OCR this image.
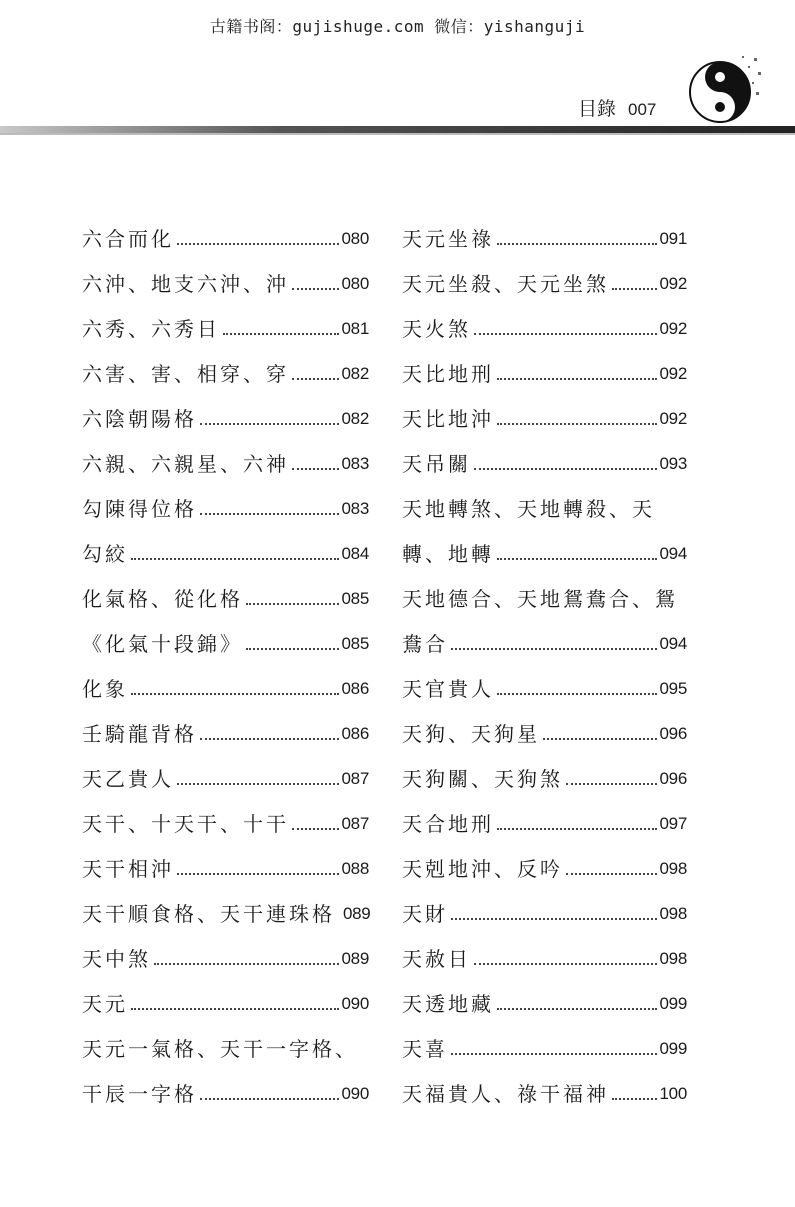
古籍书阁：gujishuge.com 微信：yishanguji
目錄 007
六合而化	080
六沖、地支六沖、沖	080
六秀、六秀日	081
六害、害、相穿、穿	082
六陰朝陽格	082
六親、六親星、六神	083
勾陳得位格	083
勾絞	084
化氣格、從化格	085
《化氣十段錦》	085
化象	086
壬騎龍背格	086
天乙貴人	087
天干、十天干、十干	087
天干相沖	088
天干順食格、天干連珠格 089
天中煞	089
天元	090
天元一氣格、天干一字格、
干辰一字格	090
天元坐祿	091
天元坐殺、天元坐煞	092
天火煞	092
天比地刑	092
天比地沖	092
天吊關	093
天地轉煞、天地轉殺、天
轉、地轉	094
天地德合、天地鴛鴦合、鴛
鴦合	094
天官貴人	095
天狗、天狗星	096
天狗關、天狗煞	096
天合地刑	097
天剋地沖、反吟	098
天財	098
天赦日	098
天透地藏	099
天喜	099
天福貴人、祿干福神	100
